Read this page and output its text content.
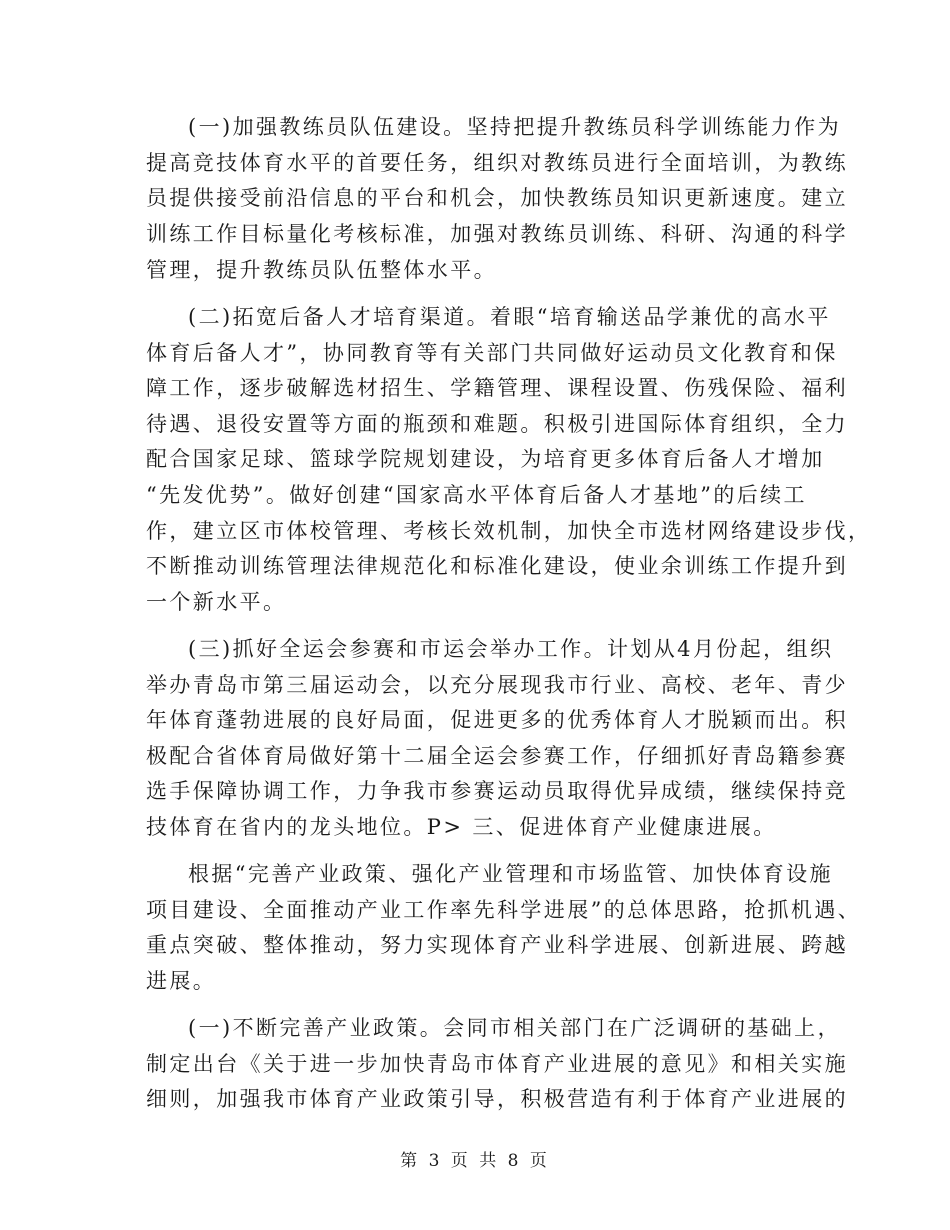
(一)加强教练员队伍建设。坚持把提升教练员科学训练能力作为
提高竞技体育水平的首要任务，组织对教练员进行全面培训，为教练
员提供接受前沿信息的平台和机会，加快教练员知识更新速度。建立
训练工作目标量化考核标准，加强对教练员训练、科研、沟通的科学
管理，提升教练员队伍整体水平。
(二)拓宽后备人才培育渠道。着眼“培育输送品学兼优的高水平
体育后备人才”，协同教育等有关部门共同做好运动员文化教育和保
障工作，逐步破解选材招生、学籍管理、课程设置、伤残保险、福利
待遇、退役安置等方面的瓶颈和难题。积极引进国际体育组织，全力
配合国家足球、篮球学院规划建设，为培育更多体育后备人才增加
“先发优势”。做好创建“国家高水平体育后备人才基地”的后续工
作，建立区市体校管理、考核长效机制，加快全市选材网络建设步伐，
不断推动训练管理法律规范化和标准化建设，使业余训练工作提升到
一个新水平。
(三)抓好全运会参赛和市运会举办工作。计划从4月份起，组织
举办青岛市第三届运动会，以充分展现我市行业、高校、老年、青少
年体育蓬勃进展的良好局面，促进更多的优秀体育人才脱颖而出。积
极配合省体育局做好第十二届全运会参赛工作，仔细抓好青岛籍参赛
选手保障协调工作，力争我市参赛运动员取得优异成绩，继续保持竞
技体育在省内的龙头地位。P> 三、促进体育产业健康进展。
根据“完善产业政策、强化产业管理和市场监管、加快体育设施
项目建设、全面推动产业工作率先科学进展”的总体思路，抢抓机遇、
重点突破、整体推动，努力实现体育产业科学进展、创新进展、跨越
进展。
(一)不断完善产业政策。会同市相关部门在广泛调研的基础上，
制定出台《关于进一步加快青岛市体育产业进展的意见》和相关实施
细则，加强我市体育产业政策引导，积极营造有利于体育产业进展的
第 3 页 共 8 页
